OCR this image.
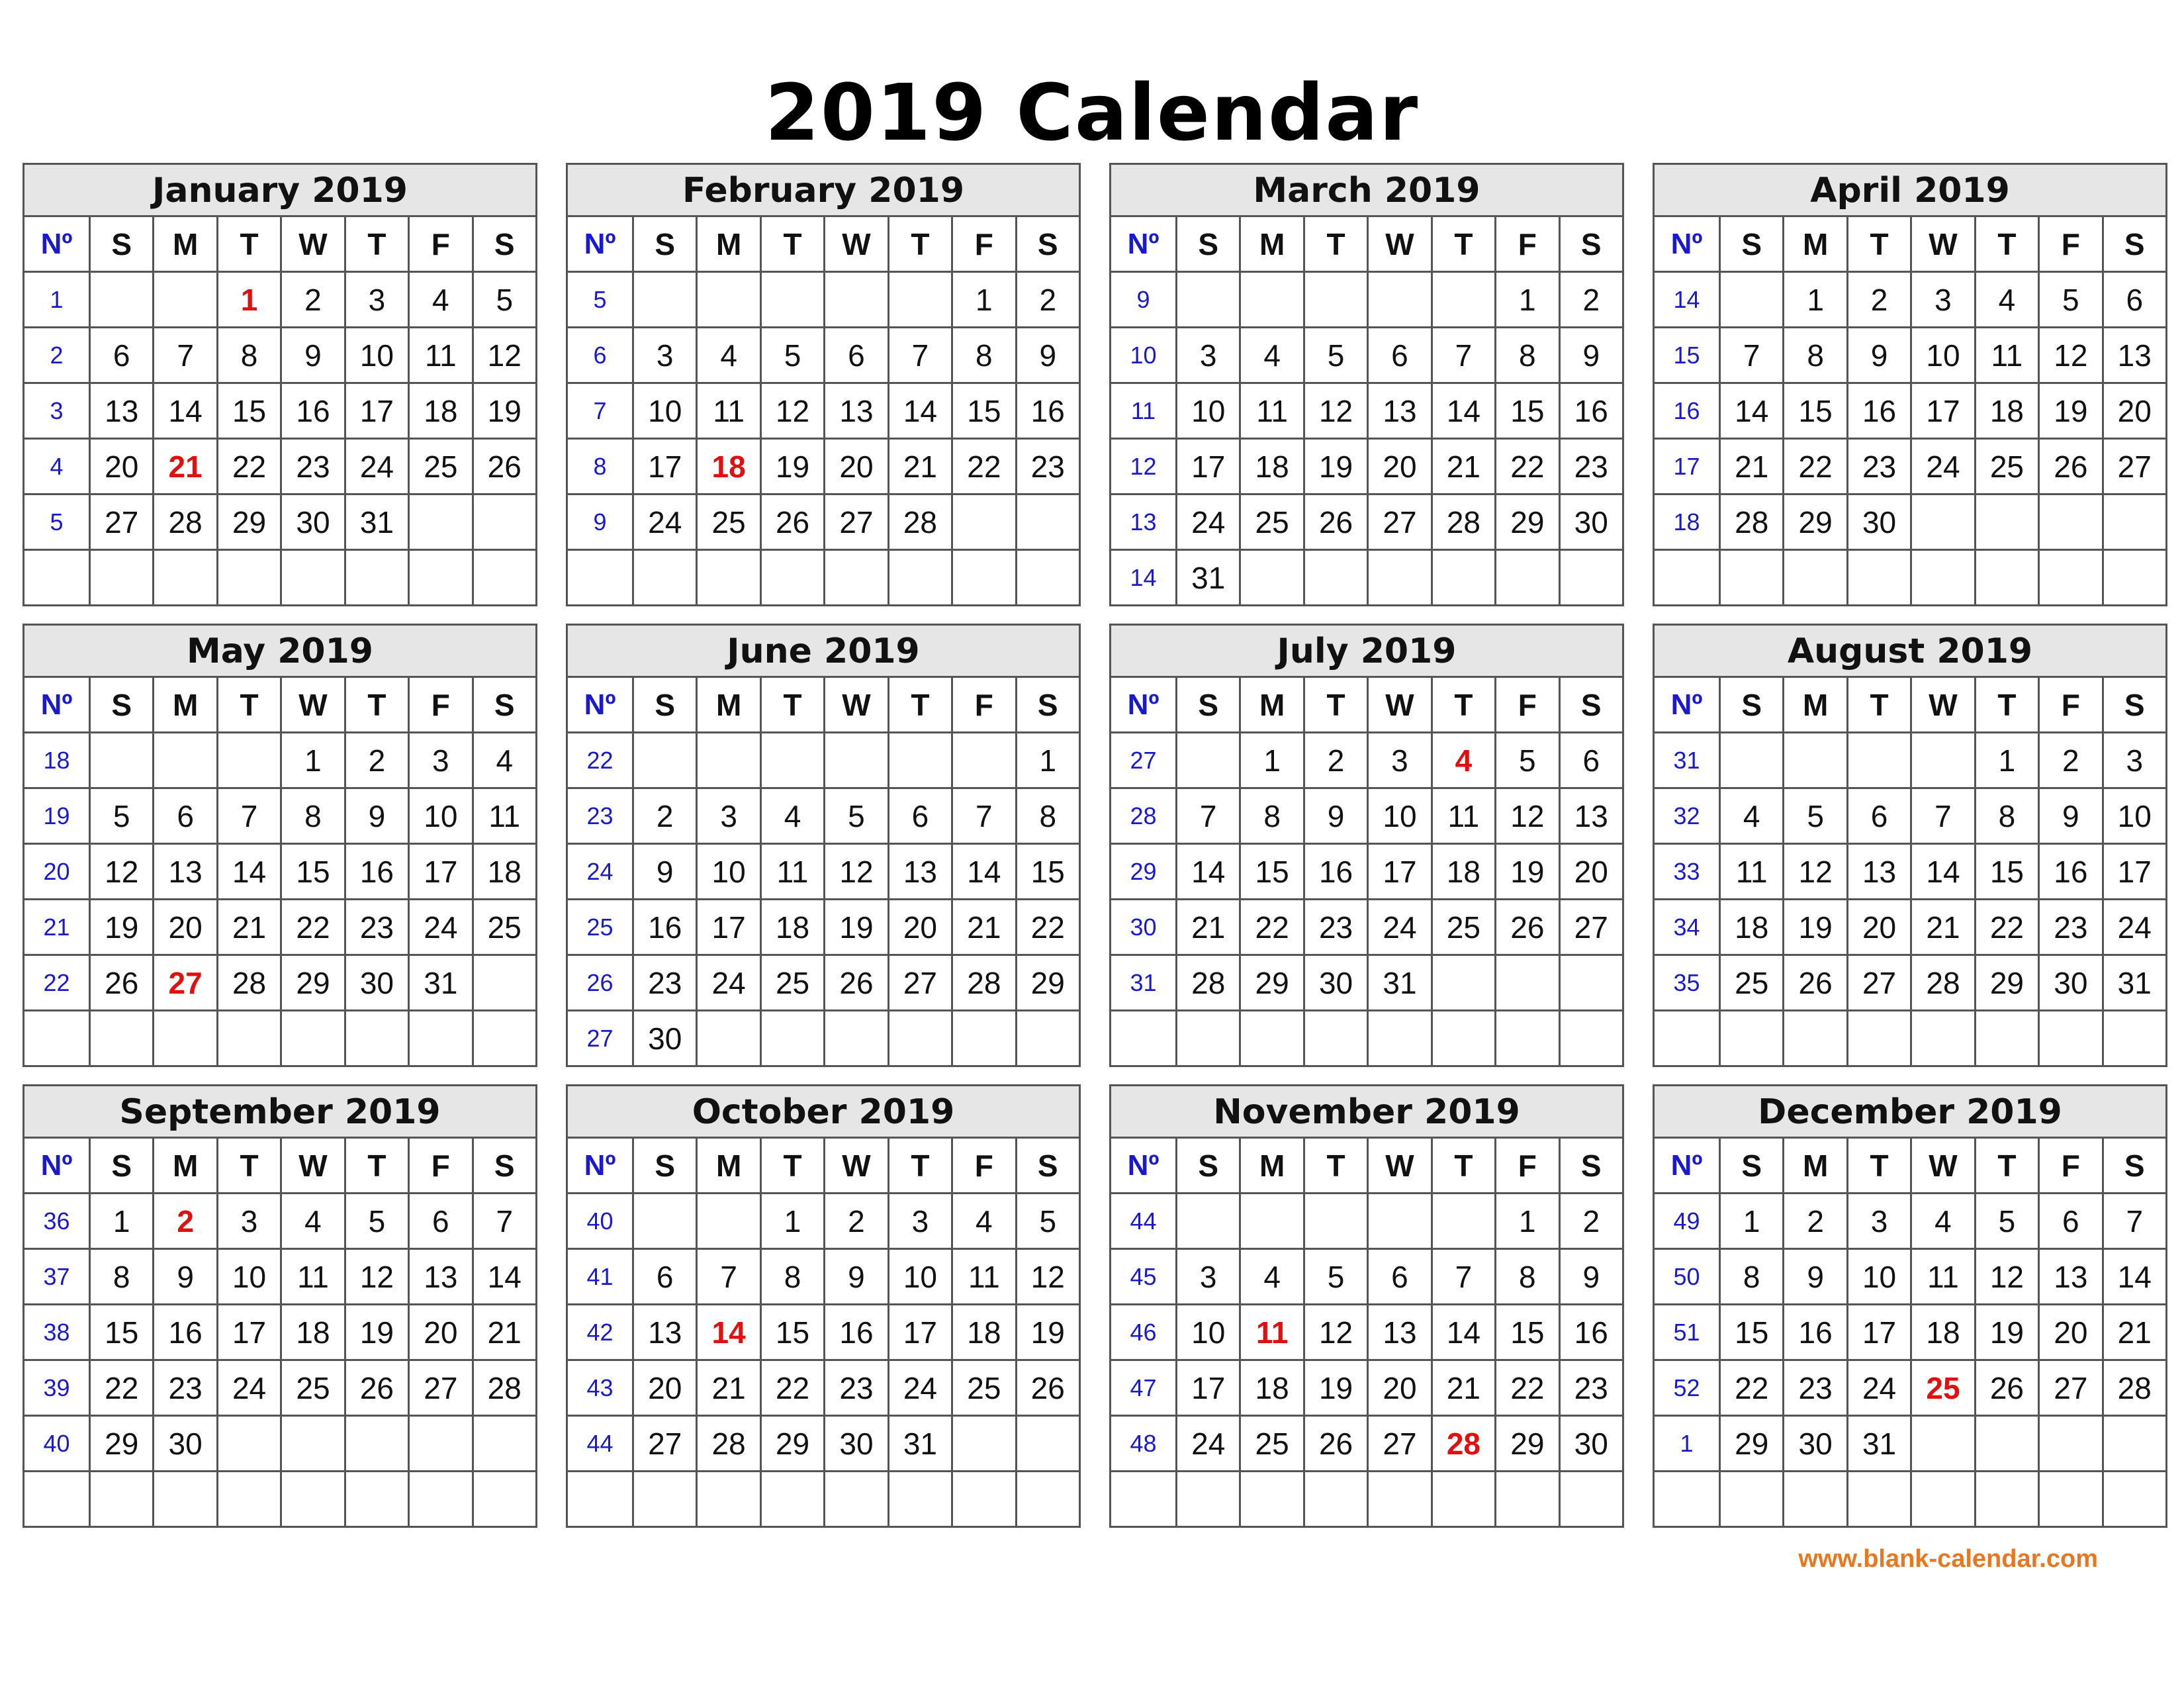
2019 Calendar
January 2019
Nº	S	M	T	W	T	F	S
1			1	2	3	4	5
2	6	7	8	9	10	11	12
3	13	14	15	16	17	18	19
4	20	21	22	23	24	25	26
5	27	28	29	30	31		

February 2019
Nº	S	M	T	W	T	F	S
5						1	2
6	3	4	5	6	7	8	9
7	10	11	12	13	14	15	16
8	17	18	19	20	21	22	23
9	24	25	26	27	28		

March 2019
Nº	S	M	T	W	T	F	S
9						1	2
10	3	4	5	6	7	8	9
11	10	11	12	13	14	15	16
12	17	18	19	20	21	22	23
13	24	25	26	27	28	29	30
14	31						
April 2019
Nº	S	M	T	W	T	F	S
14		1	2	3	4	5	6
15	7	8	9	10	11	12	13
16	14	15	16	17	18	19	20
17	21	22	23	24	25	26	27
18	28	29	30				

May 2019
Nº	S	M	T	W	T	F	S
18				1	2	3	4
19	5	6	7	8	9	10	11
20	12	13	14	15	16	17	18
21	19	20	21	22	23	24	25
22	26	27	28	29	30	31	

June 2019
Nº	S	M	T	W	T	F	S
22							1
23	2	3	4	5	6	7	8
24	9	10	11	12	13	14	15
25	16	17	18	19	20	21	22
26	23	24	25	26	27	28	29
27	30						
July 2019
Nº	S	M	T	W	T	F	S
27		1	2	3	4	5	6
28	7	8	9	10	11	12	13
29	14	15	16	17	18	19	20
30	21	22	23	24	25	26	27
31	28	29	30	31			

August 2019
Nº	S	M	T	W	T	F	S
31					1	2	3
32	4	5	6	7	8	9	10
33	11	12	13	14	15	16	17
34	18	19	20	21	22	23	24
35	25	26	27	28	29	30	31

September 2019
Nº	S	M	T	W	T	F	S
36	1	2	3	4	5	6	7
37	8	9	10	11	12	13	14
38	15	16	17	18	19	20	21
39	22	23	24	25	26	27	28
40	29	30					

October 2019
Nº	S	M	T	W	T	F	S
40			1	2	3	4	5
41	6	7	8	9	10	11	12
42	13	14	15	16	17	18	19
43	20	21	22	23	24	25	26
44	27	28	29	30	31		

November 2019
Nº	S	M	T	W	T	F	S
44						1	2
45	3	4	5	6	7	8	9
46	10	11	12	13	14	15	16
47	17	18	19	20	21	22	23
48	24	25	26	27	28	29	30

December 2019
Nº	S	M	T	W	T	F	S
49	1	2	3	4	5	6	7
50	8	9	10	11	12	13	14
51	15	16	17	18	19	20	21
52	22	23	24	25	26	27	28
1	29	30	31				

www.blank-calendar.com
